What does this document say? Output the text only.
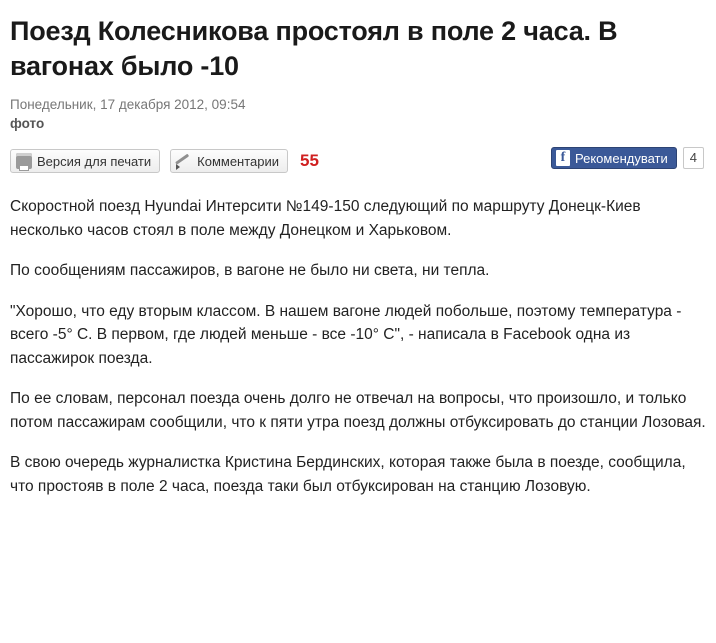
Поезд Колесникова простоял в поле 2 часа. В вагонах было -10
Понедельник, 17 декабря 2012, 09:54
фото
Версия для печати	Комментарии 55	f Рекомендувати	4

Скоростной поезд Hyundai Интерсити №149-150 следующий по маршруту Донецк-Киев несколько часов стоял в поле между Донецком и Харьковом.

По сообщениям пассажиров, в вагоне не было ни света, ни тепла.

"Хорошо, что еду вторым классом. В нашем вагоне людей побольше, поэтому температура - всего -5° С. В первом, где людей меньше - все -10° С", - написала в Facebook одна из пассажирок поезда.

По ее словам, персонал поезда очень долго не отвечал на вопросы, что произошло, и только потом пассажирам сообщили, что к пяти утра поезд должны отбуксировать до станции Лозовая.

В свою очередь журналистка Кристина Бердинских, которая также была в поезде, сообщила, что простояв в поле 2 часа, поезда таки был отбуксирован на станцию Лозовую.
